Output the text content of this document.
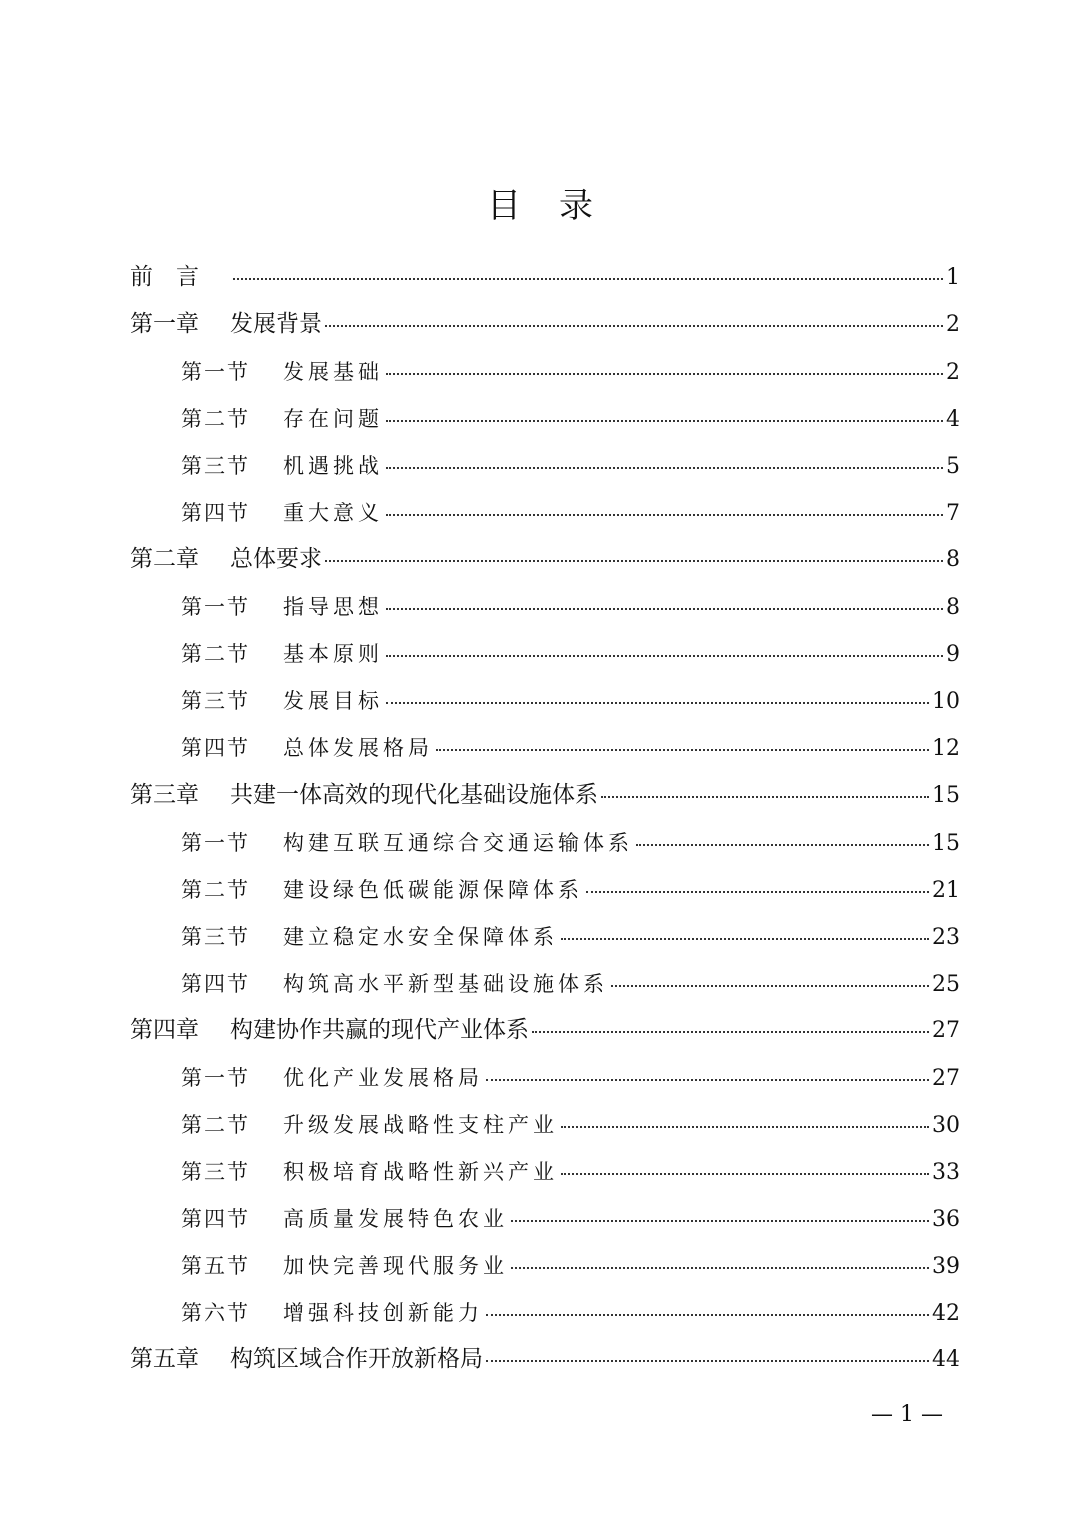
目 录
前　言	1
第一章	发展背景	2
第一节	发展基础	2
第二节	存在问题	4
第三节	机遇挑战	5
第四节	重大意义	7
第二章	总体要求	8
第一节	指导思想	8
第二节	基本原则	9
第三节	发展目标	10
第四节	总体发展格局	12
第三章	共建一体高效的现代化基础设施体系	15
第一节	构建互联互通综合交通运输体系	15
第二节	建设绿色低碳能源保障体系	21
第三节	建立稳定水安全保障体系	23
第四节	构筑高水平新型基础设施体系	25
第四章	构建协作共赢的现代产业体系	27
第一节	优化产业发展格局	27
第二节	升级发展战略性支柱产业	30
第三节	积极培育战略性新兴产业	33
第四节	高质量发展特色农业	36
第五节	加快完善现代服务业	39
第六节	增强科技创新能力	42
第五章	构筑区域合作开放新格局	44
— 1 —
